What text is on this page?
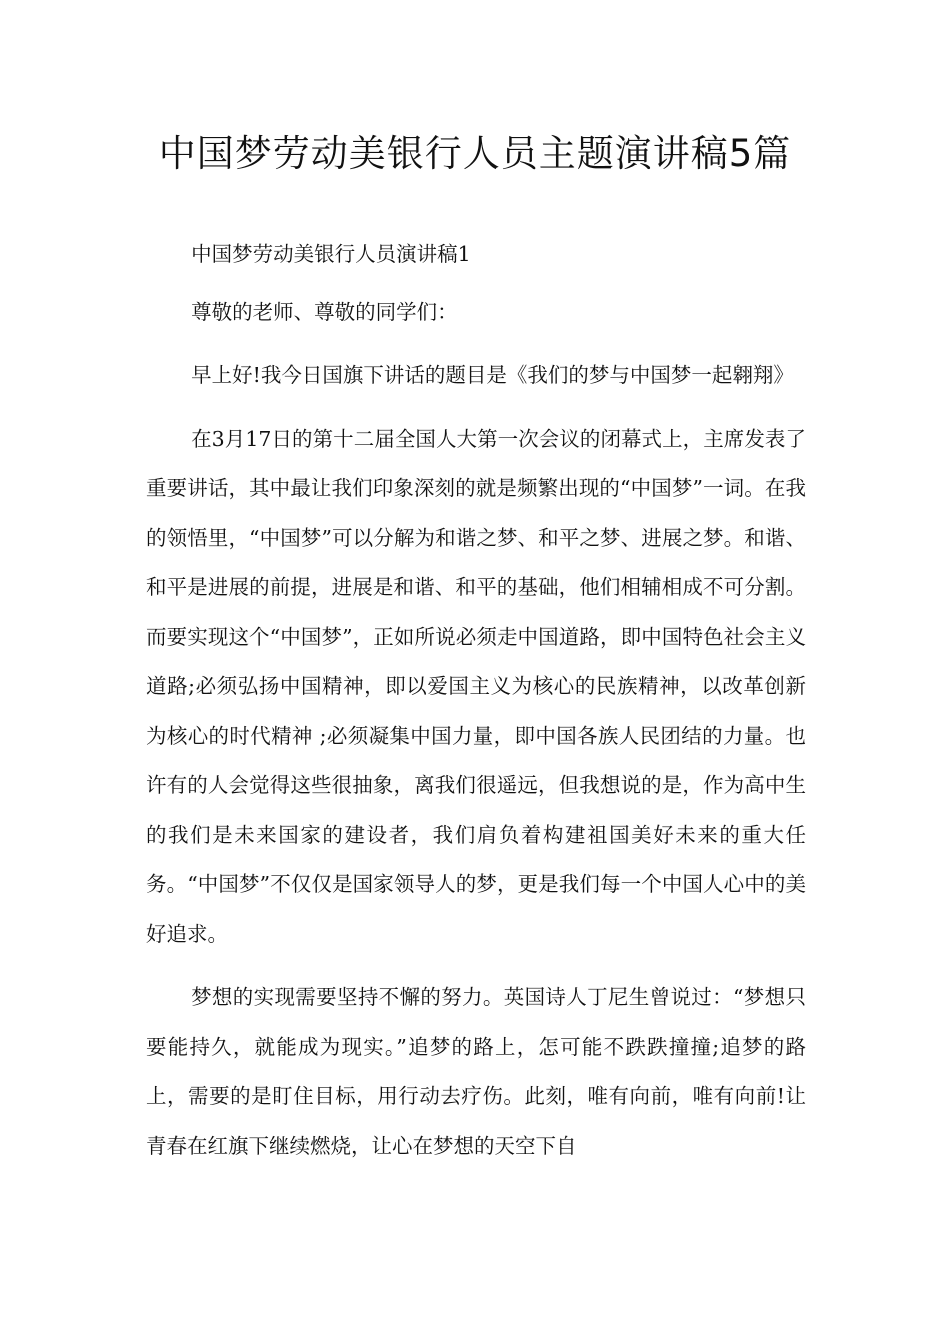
中国梦劳动美银行人员主题演讲稿5篇

中国梦劳动美银行人员演讲稿1

尊敬的老师、尊敬的同学们：

早上好!我今日国旗下讲话的题目是《我们的梦与中国梦一起翱翔》

在3月17日的第十二届全国人大第一次会议的闭幕式上，主席发表了重要讲话，其中最让我们印象深刻的就是频繁出现的“中国梦”一词。在我的领悟里，“中国梦”可以分解为和谐之梦、和平之梦、进展之梦。和谐、和平是进展的前提，进展是和谐、和平的基础，他们相辅相成不可分割。而要实现这个“中国梦”，正如所说必须走中国道路，即中国特色社会主义道路;必须弘扬中国精神，即以爱国主义为核心的民族精神，以改革创新为核心的时代精神 ;必须凝集中国力量，即中国各族人民团结的力量。也许有的人会觉得这些很抽象，离我们很遥远，但我想说的是，作为高中生的我们是未来国家的建设者，我们肩负着构建祖国美好未来的重大任务。“中国梦”不仅仅是国家领导人的梦，更是我们每一个中国人心中的美好追求。

梦想的实现需要坚持不懈的努力。英国诗人丁尼生曾说过：“梦想只要能持久，就能成为现实。”追梦的路上，怎可能不跌跌撞撞;追梦的路上，需要的是盯住目标，用行动去疗伤。此刻，唯有向前，唯有向前!让青春在红旗下继续燃烧，让心在梦想的天空下自
